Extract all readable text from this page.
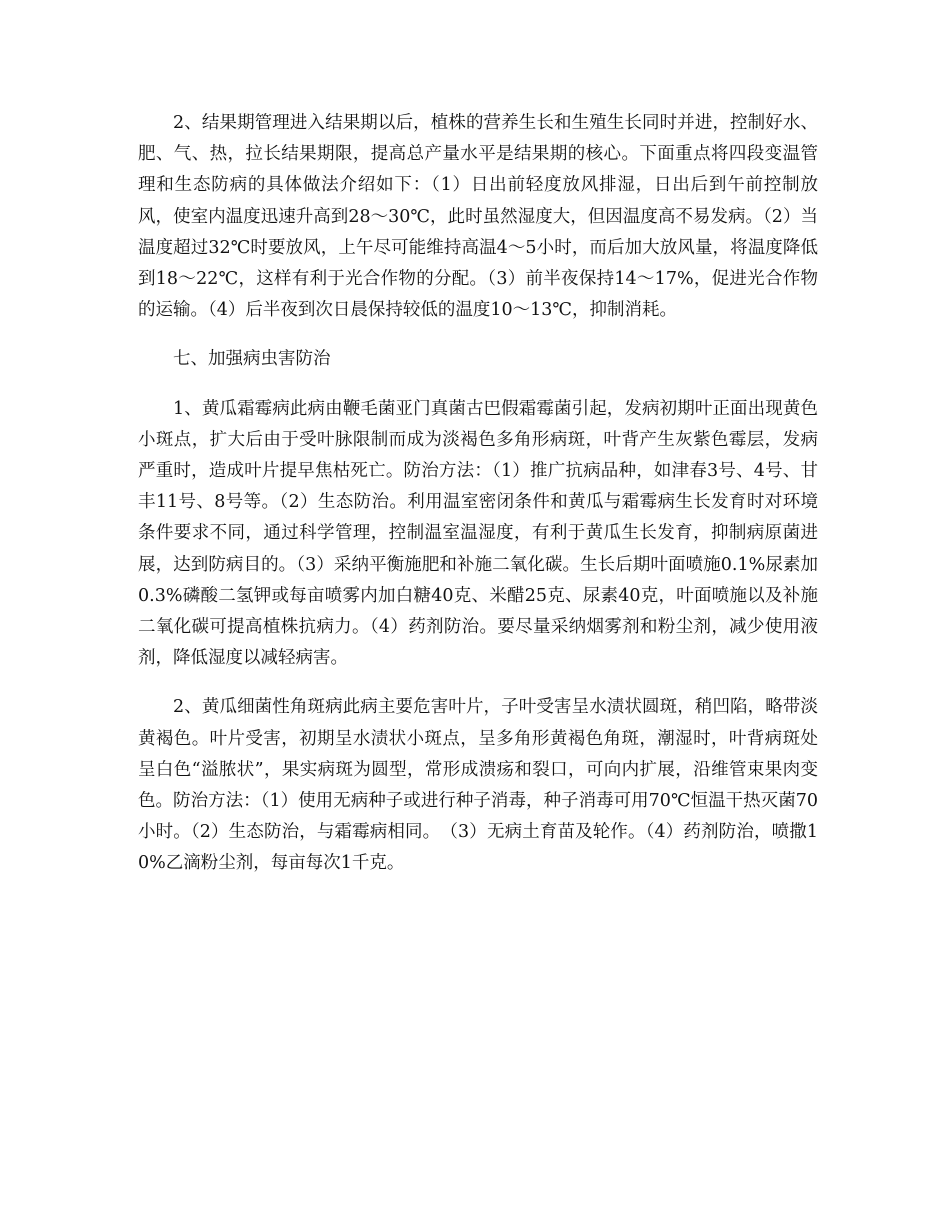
2、结果期管理进入结果期以后，植株的营养生长和生殖生长同时并进，控制好水、肥、气、热，拉长结果期限，提高总产量水平是结果期的核心。下面重点将四段变温管理和生态防病的具体做法介绍如下：（1）日出前轻度放风排湿，日出后到午前控制放风，使室内温度迅速升高到28～30℃，此时虽然湿度大，但因温度高不易发病。（2）当温度超过32℃时要放风，上午尽可能维持高温4～5小时，而后加大放风量，将温度降低到18～22℃，这样有利于光合作物的分配。（3）前半夜保持14～17%，促进光合作物的运输。（4）后半夜到次日晨保持较低的温度10～13℃，抑制消耗。

七、加强病虫害防治

1、黄瓜霜霉病此病由鞭毛菌亚门真菌古巴假霜霉菌引起，发病初期叶正面出现黄色小斑点，扩大后由于受叶脉限制而成为淡褐色多角形病斑，叶背产生灰紫色霉层，发病严重时，造成叶片提早焦枯死亡。防治方法：（1）推广抗病品种，如津春3号、4号、甘丰11号、8号等。（2）生态防治。利用温室密闭条件和黄瓜与霜霉病生长发育时对环境条件要求不同，通过科学管理，控制温室温湿度，有利于黄瓜生长发育，抑制病原菌进展，达到防病目的。（3）采纳平衡施肥和补施二氧化碳。生长后期叶面喷施0.1%尿素加0.3%磷酸二氢钾或每亩喷雾内加白糖40克、米醋25克、尿素40克，叶面喷施以及补施二氧化碳可提高植株抗病力。（4）药剂防治。要尽量采纳烟雾剂和粉尘剂，减少使用液剂，降低湿度以减轻病害。

2、黄瓜细菌性角斑病此病主要危害叶片，子叶受害呈水渍状圆斑，稍凹陷，略带淡黄褐色。叶片受害，初期呈水渍状小斑点，呈多角形黄褐色角斑，潮湿时，叶背病斑处呈白色“溢脓状”，果实病斑为圆型，常形成溃疡和裂口，可向内扩展，沿维管束果肉变色。防治方法：（1）使用无病种子或进行种子消毒，种子消毒可用70℃恒温干热灭菌70小时。（2）生态防治，与霜霉病相同。　（3）无病土育苗及轮作。（4）药剂防治，喷撒10%乙滴粉尘剂，每亩每次1千克。
